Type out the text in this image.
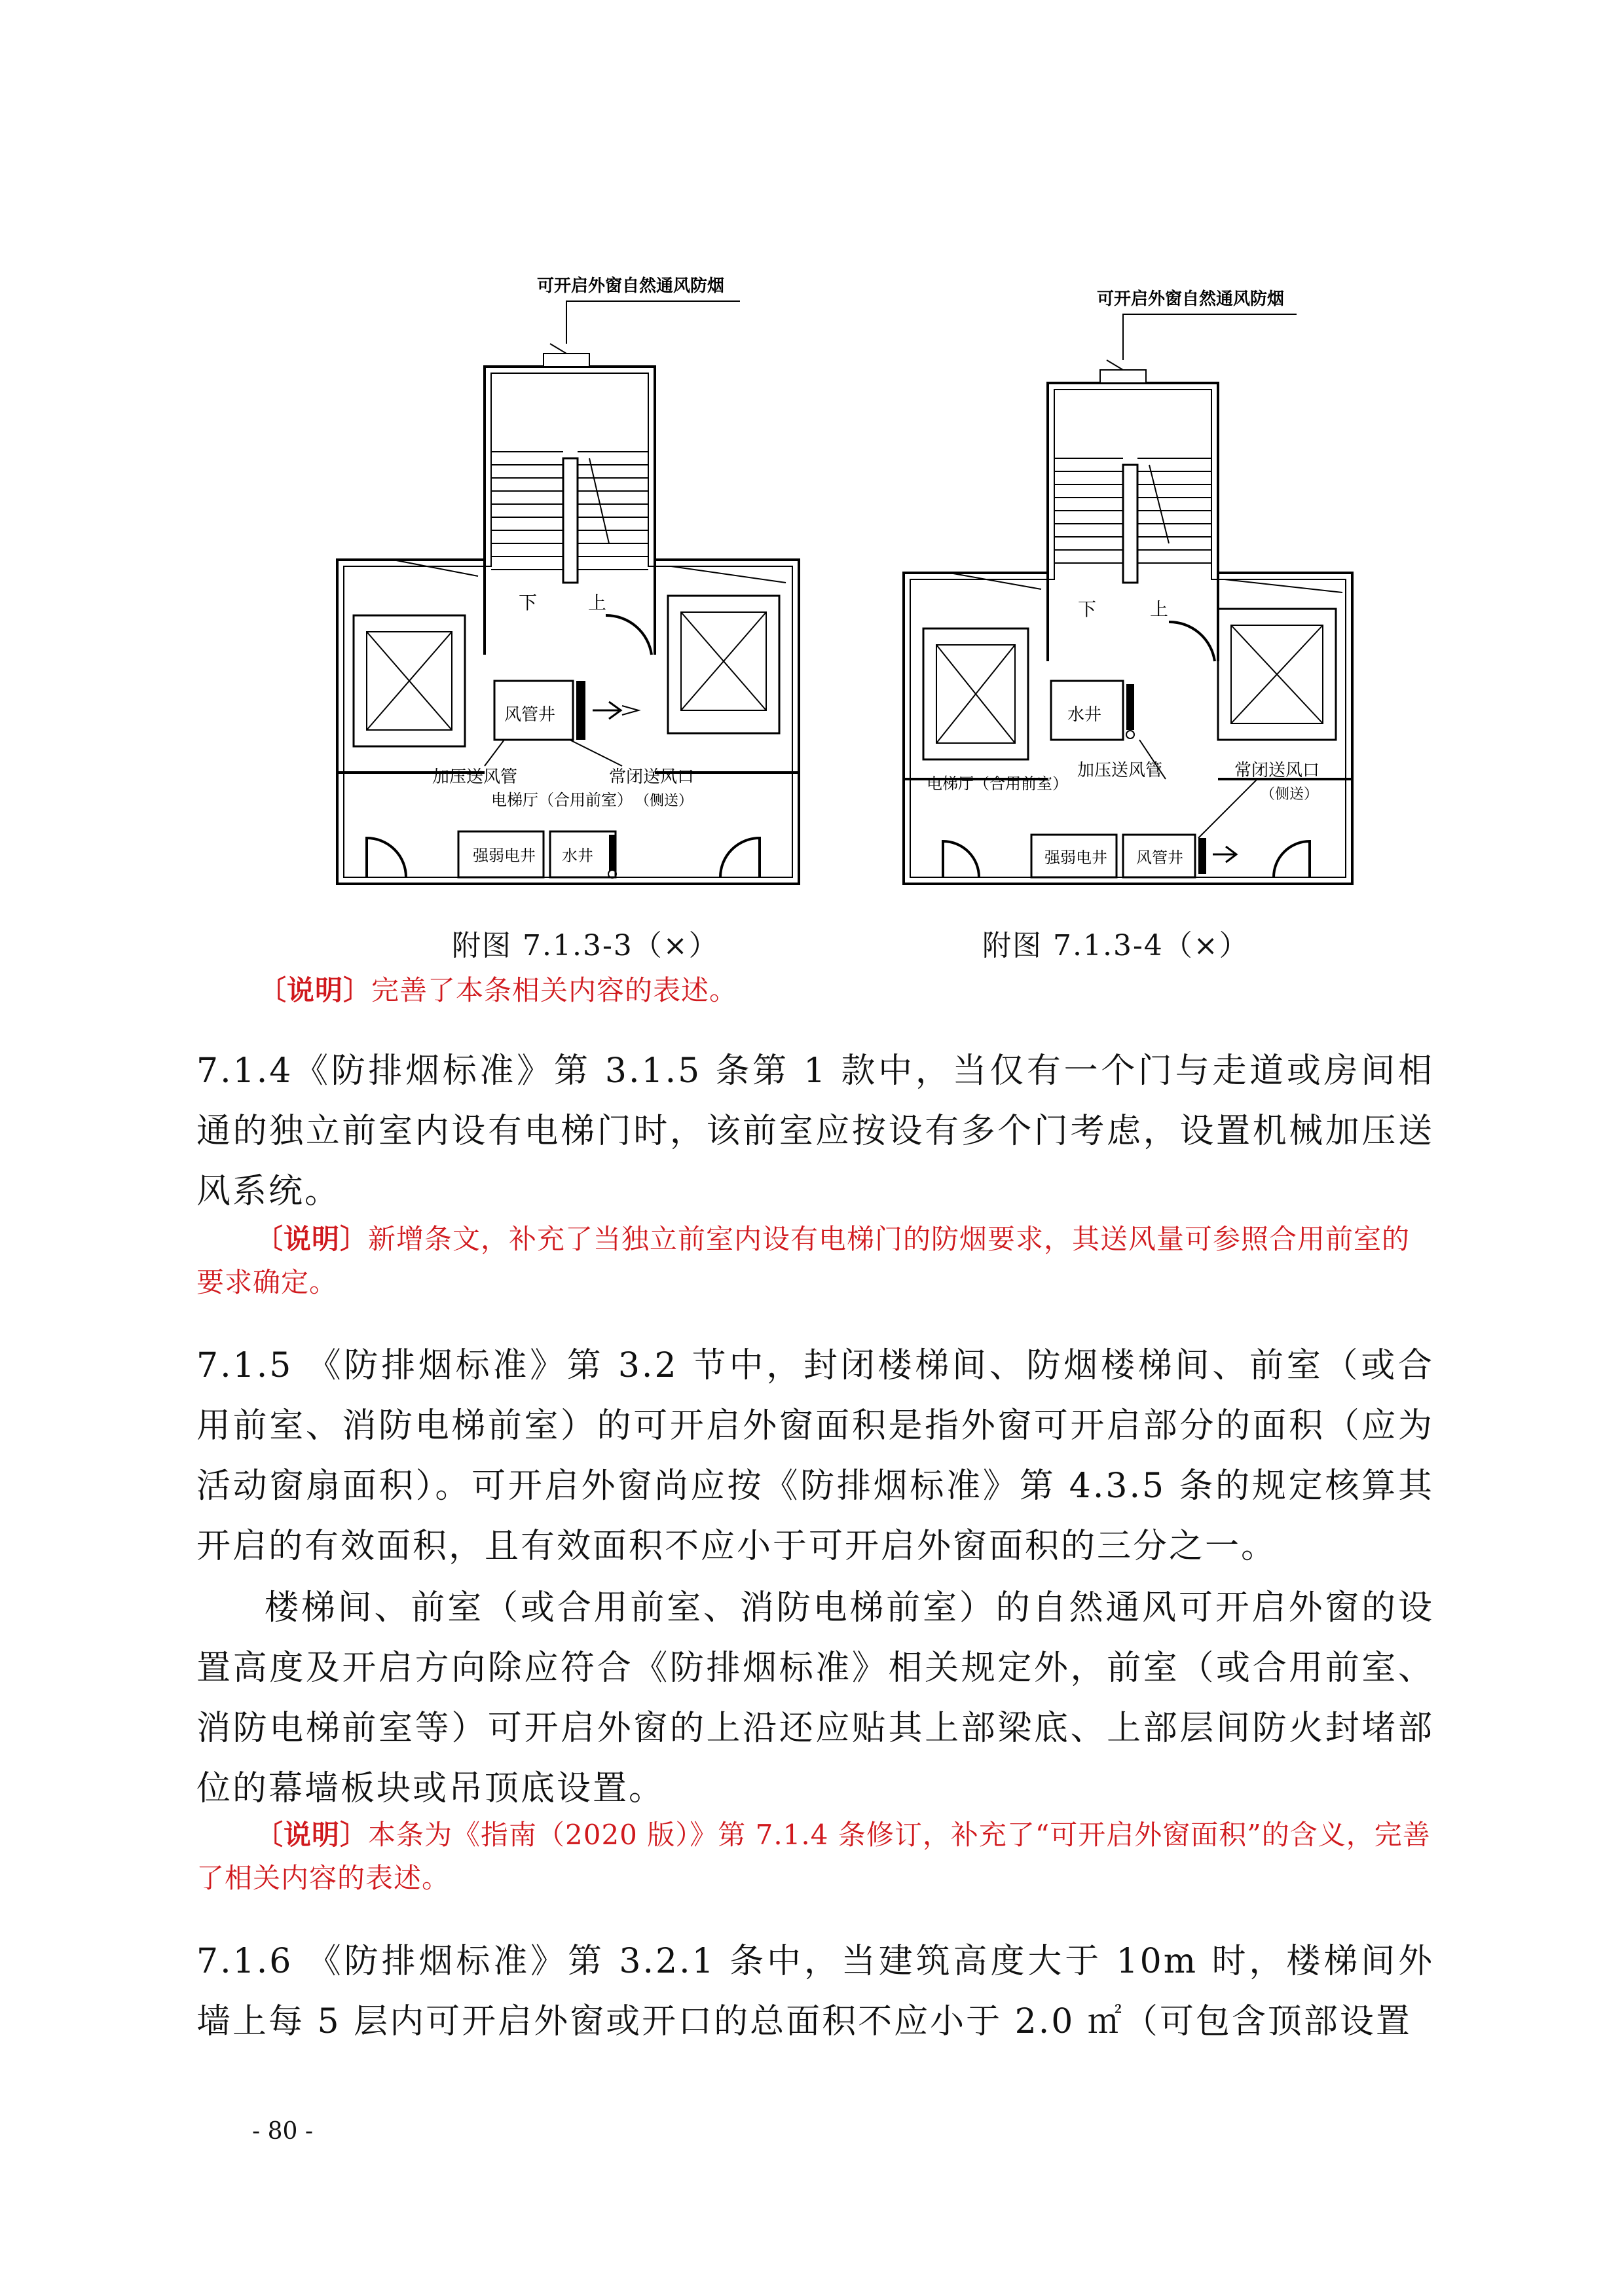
可开启外窗自然通风防烟
下	上
风管井
加压送风管	常闭送风口
（侧送）
电梯厅（合用前室）
强弱电井 水井
附图 7.1.3-3（×）
可开启外窗自然通风防烟
下	上
水井
电梯厅（合用前室）
加压送风管	常闭送风口
（侧送）
强弱电井 风管井
附图 7.1.3-4（×）
〔说明〕完善了本条相关内容的表述。
7.1.4《防排烟标准》第 3.1.5 条第 1 款中，当仅有一个门与走道或房间相通的独立前室内设有电梯门时，该前室应按设有多个门考虑，设置机械加压送风系统。
〔说明〕新增条文，补充了当独立前室内设有电梯门的防烟要求，其送风量可参照合用前室的要求确定。
7.1.5 《防排烟标准》第 3.2 节中，封闭楼梯间、防烟楼梯间、前室（或合用前室、消防电梯前室）的可开启外窗面积是指外窗可开启部分的面积（应为活动窗扇面积）。可开启外窗尚应按《防排烟标准》第 4.3.5 条的规定核算其开启的有效面积，且有效面积不应小于可开启外窗面积的三分之一。
楼梯间、前室（或合用前室、消防电梯前室）的自然通风可开启外窗的设置高度及开启方向除应符合《防排烟标准》相关规定外，前室（或合用前室、消防电梯前室等）可开启外窗的上沿还应贴其上部梁底、上部层间防火封堵部位的幕墙板块或吊顶底设置。
〔说明〕本条为《指南（2020 版）》第 7.1.4 条修订，补充了“可开启外窗面积”的含义，完善了相关内容的表述。
7.1.6 《防排烟标准》第 3.2.1 条中，当建筑高度大于 10m 时，楼梯间外墙上每 5 层内可开启外窗或开口的总面积不应小于 2.0 ㎡（可包含顶部设置
- 80 -
